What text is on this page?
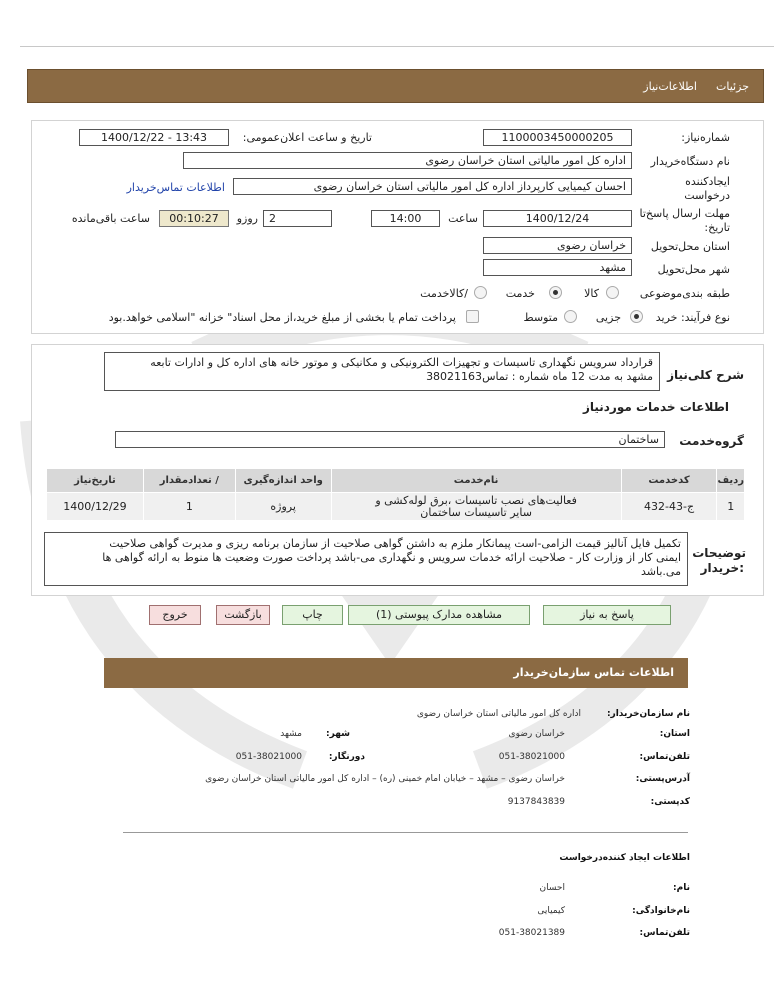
جزئیات
اطلاعات‌نیاز
شماره‌نیاز:
1100003450000205
تاریخ و ساعت اعلان‌عمومی:
1400/12/22 - 13:43
نام دستگاه‌خریدار
اداره کل امور مالیاتی استان خراسان رضوی
ایجادکننده
درخواست
احسان کیمیایی کارپرداز اداره کل امور مالیاتی استان خراسان رضوی
اطلاعات تماس‌خریدار
مهلت ارسال پاسخ‌تا
تاریخ:
1400/12/24
ساعت
14:00
2
روزو
00:10:27
ساعت باقی‌مانده
استان محل‌تحویل
خراسان رضوی
شهر محل‌تحویل
مشهد
طبقه بندی‌موضوعی
کالا
خدمت
/کالاخدمت
نوع فرآیند: خرید
جزیی
متوسط
پرداخت تمام یا بخشی از مبلغ خرید،از محل اسناد" خزانه "اسلامی خواهد.بود
شرح کلی‌نیاز
قرارداد سرویس نگهداری تاسیسات و تجهیزات الکترونیکی و مکانیکی و موتور خانه های اداره کل و ادارات تابعه
مشهد به مدت 12 ماه شماره : تماس38021163
اطلاعات خدمات موردنیاز
گروه‌خدمت
ساختمان
ردیف	کدخدمت	نام‌خدمت	واحد اندازه‌گیری	/ تعدادمقدار	تاریخ‌نیاز
1	ج-43-432	فعالیت‌های نصب تاسیسات ،برق لوله‌کشی و
سایر تاسیسات ساختمان	پروژه	1	1400/12/29
توضیحات
:خریدار
تکمیل فایل آنالیز قیمت الزامی-است پیمانکار ملزم به داشتن گواهی صلاحیت از سازمان برنامه ریزی و مدیرت گواهی صلاحیت
ایمنی کار از وزارت کار - صلاحیت ارائه خدمات سرویس و نگهداری می-باشد پرداخت صورت وضعیت ها منوط به ارائه گواهی ها
می.باشد
پاسخ به نیاز
مشاهده مدارک پیوستی (1)
چاپ
بازگشت
خروج
اطلاعات تماس سازمان‌خریدار
نام سازمان‌خریدار:
اداره کل امور مالیاتی استان خراسان رضوی
استان:
خراسان رضوی
شهر:
مشهد
تلفن‌تماس:
051-38021000
دورنگار:
051-38021000
آدرس‌پستی:
خراسان رضوی – مشهد – خیابان امام خمینی (ره) – اداره کل امور مالیاتی استان خراسان رضوی
کدپستی:
9137843839
اطلاعات ایجاد کننده‌درخواست
نام:
احسان
نام‌خانوادگی:
کیمیایی
تلفن‌تماس:
051-38021389
